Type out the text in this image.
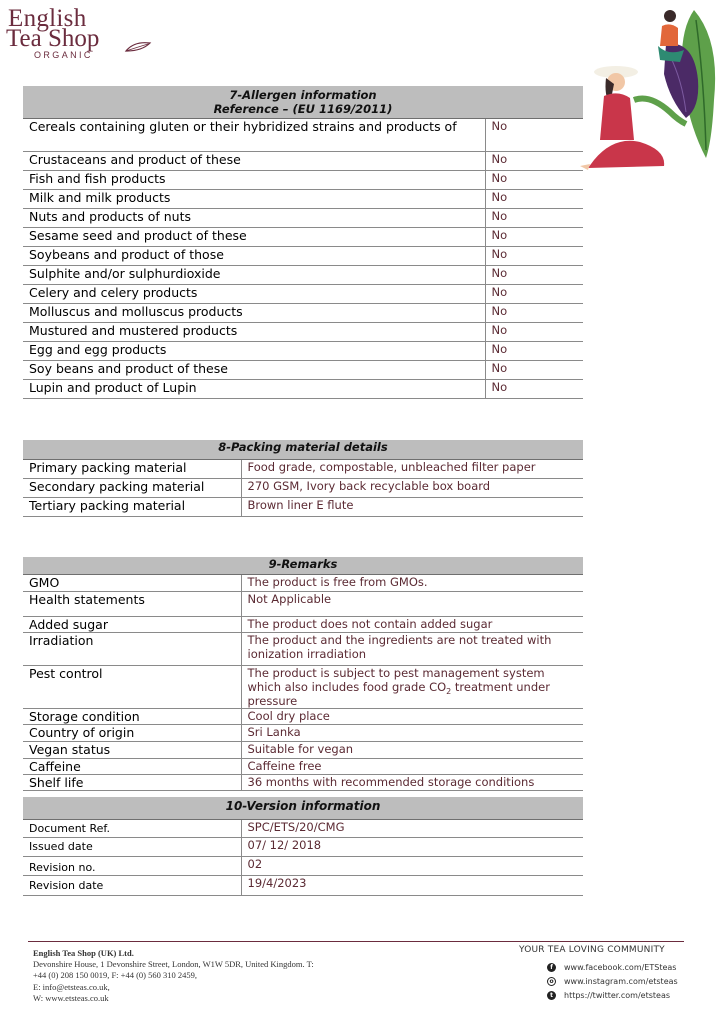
English
Tea Shop
ORGANIC
7-Allergen information
Reference – (EU 1169/2011)	

Cereals containing gluten or their hybridized strains and products of	No
Crustaceans and product of these	No
Fish and fish products	No
Milk and milk products	No
Nuts and products of nuts	No
Sesame seed and product of these	No
Soybeans and product of those	No
Sulphite and/or sulphurdioxide	No
Celery and celery products	No
Molluscus and molluscus products	No
Mustured and mustered products	No
Egg and egg products	No
Soy beans and product of these	No
Lupin and product of Lupin	No
8-Packing material details	
Primary packing material	Food grade, compostable, unbleached filter paper
Secondary packing material	270 GSM, Ivory back recyclable box board
Tertiary packing material	Brown liner E flute
9-Remarks	
GMO	The product is free from GMOs.
Health statements	Not Applicable
Added sugar	The product does not contain added sugar
Irradiation	The product and the ingredients are not treated with ionization irradiation
Pest control	The product is subject to pest management system which also includes food grade $CO_2$ treatment under pressure
Storage condition	Cool dry place
Country of origin	Sri Lanka
Vegan status	Suitable for vegan
Caffeine	Caffeine free
Shelf life	36 months with recommended storage conditions
10-Version information	
Document Ref.	SPC/ETS/20/CMG
Issued date	07/ 12/ 2018
Revision no.	02
Revision date	19/4/2023
English Tea Shop (UK) Ltd.
Devonshire House, 1 Devonshire Street, London, W1W 5DR, United Kingdom. T:
+44 (0) 208 150 0019, F: +44 (0) 560 310 2459,
E: info@etsteas.co.uk,
W: www.etsteas.co.uk
YOUR TEA LOVING COMMUNITY
f	www.facebook.com/ETSteas
o	www.instagram.com/etsteas
t	https://twitter.com/etsteas
